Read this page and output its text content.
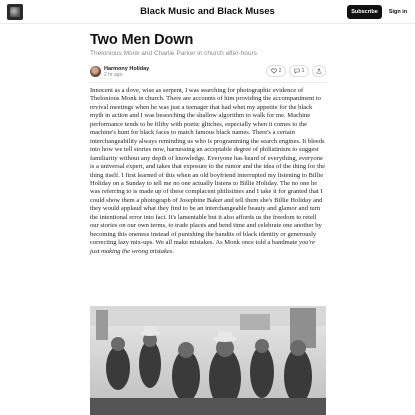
Black Music and Black Muses	Subscribe	Sign in
Two Men Down
Thelonious Monk and Charlie Parker in church after-hours
Harmony Holiday
2 hr ago
2	1
Innocent as a dove, wise as serpent, I was searching for photographic evidence of Thelonious Monk in church. There are accounts of him providing the accompaniment to revival meetings when he was just a teenager that had whet my appetite for the black myth in action and I was beseeching the shallow algorithm to walk for me. Machine performance tends to be filthy with poetic glitches, especially when it comes to the machine's hunt for black faces to match famous black names. There's a certain interchangeability always reminding us who is programming the search engines. It bleeds into how we tell stories now, harnessing an acceptable degree of philistinism to suggest familiarity without any depth of knowledge. Everyone has heard of everything, everyone is a universal expert, and takes that exposure to the rumor and the idea of the thing for the thing itself. I first learned of this when an old boyfriend interrupted my listening to Billie Holiday on a Sunday to tell me no one actually listens to Billie Holiday. The no one he was referring to is made up of these complacent philistines and I take it for granted that I could show them a photograph of Josephine Baker and tell them she's Billie Holiday and they would applaud what they find to be an interchangeable beauty and glamor and turn the intentional error into fact. It's lamentable but it also affords us the freedom to retell our stories on our own terms, to trade places and bend time and celebrate one another by becoming this oneness instead of punishing the bandits of black identity or generously correcting lazy mix-ups. We all make mistakes. As Monk once told a bandmate you're just making the wrong mistakes.
